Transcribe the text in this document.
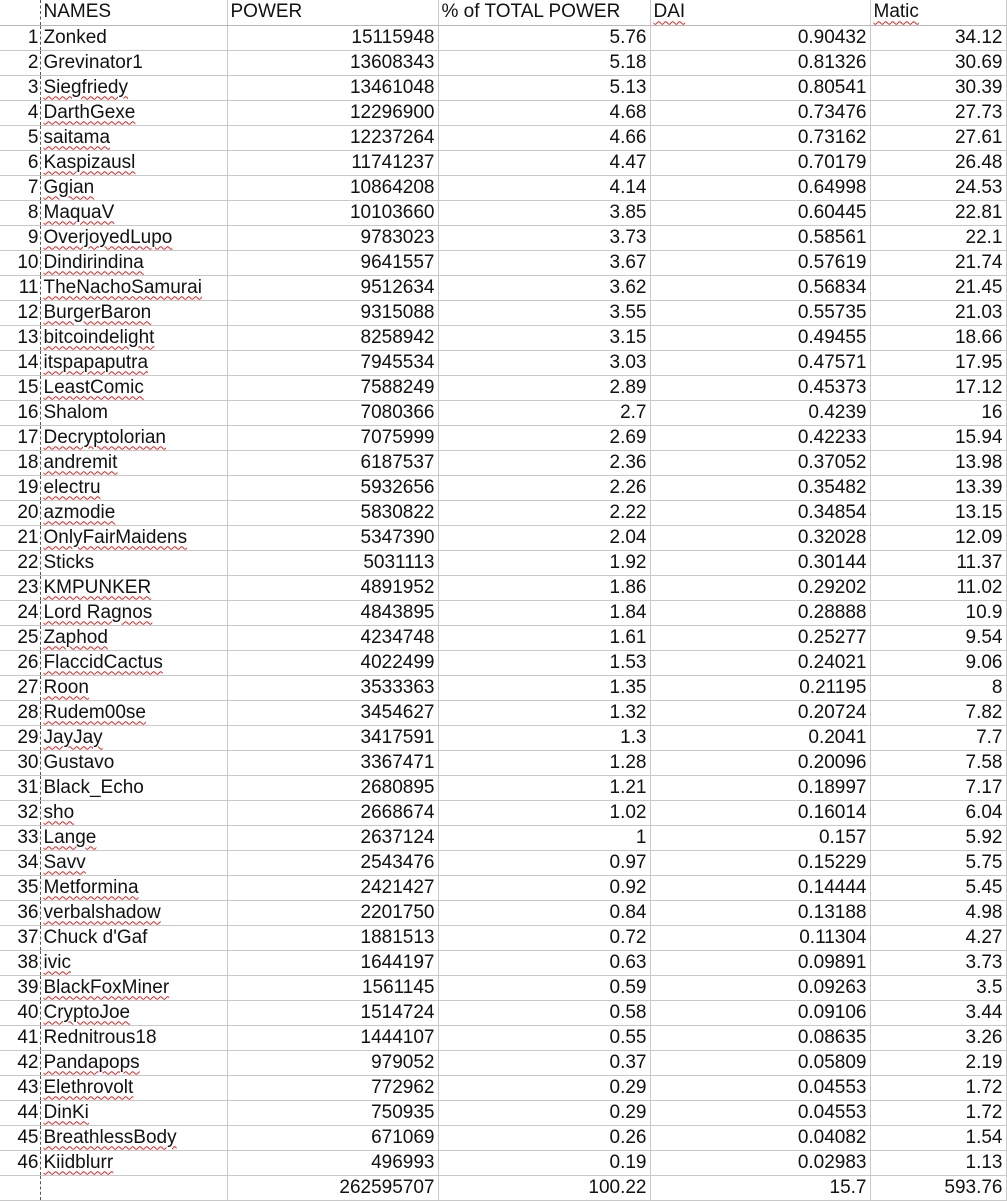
	NAMES	POWER	% of TOTAL POWER	DAI	Matic
1	Zonked	15115948	5.76	0.90432	34.12
2	Grevinator1	13608343	5.18	0.81326	30.69
3	Siegfriedy	13461048	5.13	0.80541	30.39
4	DarthGexe	12296900	4.68	0.73476	27.73
5	saitama	12237264	4.66	0.73162	27.61
6	Kaspizausl	11741237	4.47	0.70179	26.48
7	Ggian	10864208	4.14	0.64998	24.53
8	MaquaV	10103660	3.85	0.60445	22.81
9	OverjoyedLupo	9783023	3.73	0.58561	22.1
10	Dindirindina	9641557	3.67	0.57619	21.74
11	TheNachoSamurai	9512634	3.62	0.56834	21.45
12	BurgerBaron	9315088	3.55	0.55735	21.03
13	bitcoindelight	8258942	3.15	0.49455	18.66
14	itspapaputra	7945534	3.03	0.47571	17.95
15	LeastComic	7588249	2.89	0.45373	17.12
16	Shalom	7080366	2.7	0.4239	16
17	Decryptolorian	7075999	2.69	0.42233	15.94
18	andremit	6187537	2.36	0.37052	13.98
19	electru	5932656	2.26	0.35482	13.39
20	azmodie	5830822	2.22	0.34854	13.15
21	OnlyFairMaidens	5347390	2.04	0.32028	12.09
22	Sticks	5031113	1.92	0.30144	11.37
23	KMPUNKER	4891952	1.86	0.29202	11.02
24	Lord Ragnos	4843895	1.84	0.28888	10.9
25	Zaphod	4234748	1.61	0.25277	9.54
26	FlaccidCactus	4022499	1.53	0.24021	9.06
27	Roon	3533363	1.35	0.21195	8
28	Rudem00se	3454627	1.32	0.20724	7.82
29	JayJay	3417591	1.3	0.2041	7.7
30	Gustavo	3367471	1.28	0.20096	7.58
31	Black_Echo	2680895	1.21	0.18997	7.17
32	sho	2668674	1.02	0.16014	6.04
33	Lange	2637124	1	0.157	5.92
34	Savv	2543476	0.97	0.15229	5.75
35	Metformina	2421427	0.92	0.14444	5.45
36	verbalshadow	2201750	0.84	0.13188	4.98
37	Chuck d'Gaf	1881513	0.72	0.11304	4.27
38	ivic	1644197	0.63	0.09891	3.73
39	BlackFoxMiner	1561145	0.59	0.09263	3.5
40	CryptoJoe	1514724	0.58	0.09106	3.44
41	Rednitrous18	1444107	0.55	0.08635	3.26
42	Pandapops	979052	0.37	0.05809	2.19
43	Elethrovolt	772962	0.29	0.04553	1.72
44	DinKi	750935	0.29	0.04553	1.72
45	BreathlessBody	671069	0.26	0.04082	1.54
46	Kiidblurr	496993	0.19	0.02983	1.13
		262595707	100.22	15.7	593.76
